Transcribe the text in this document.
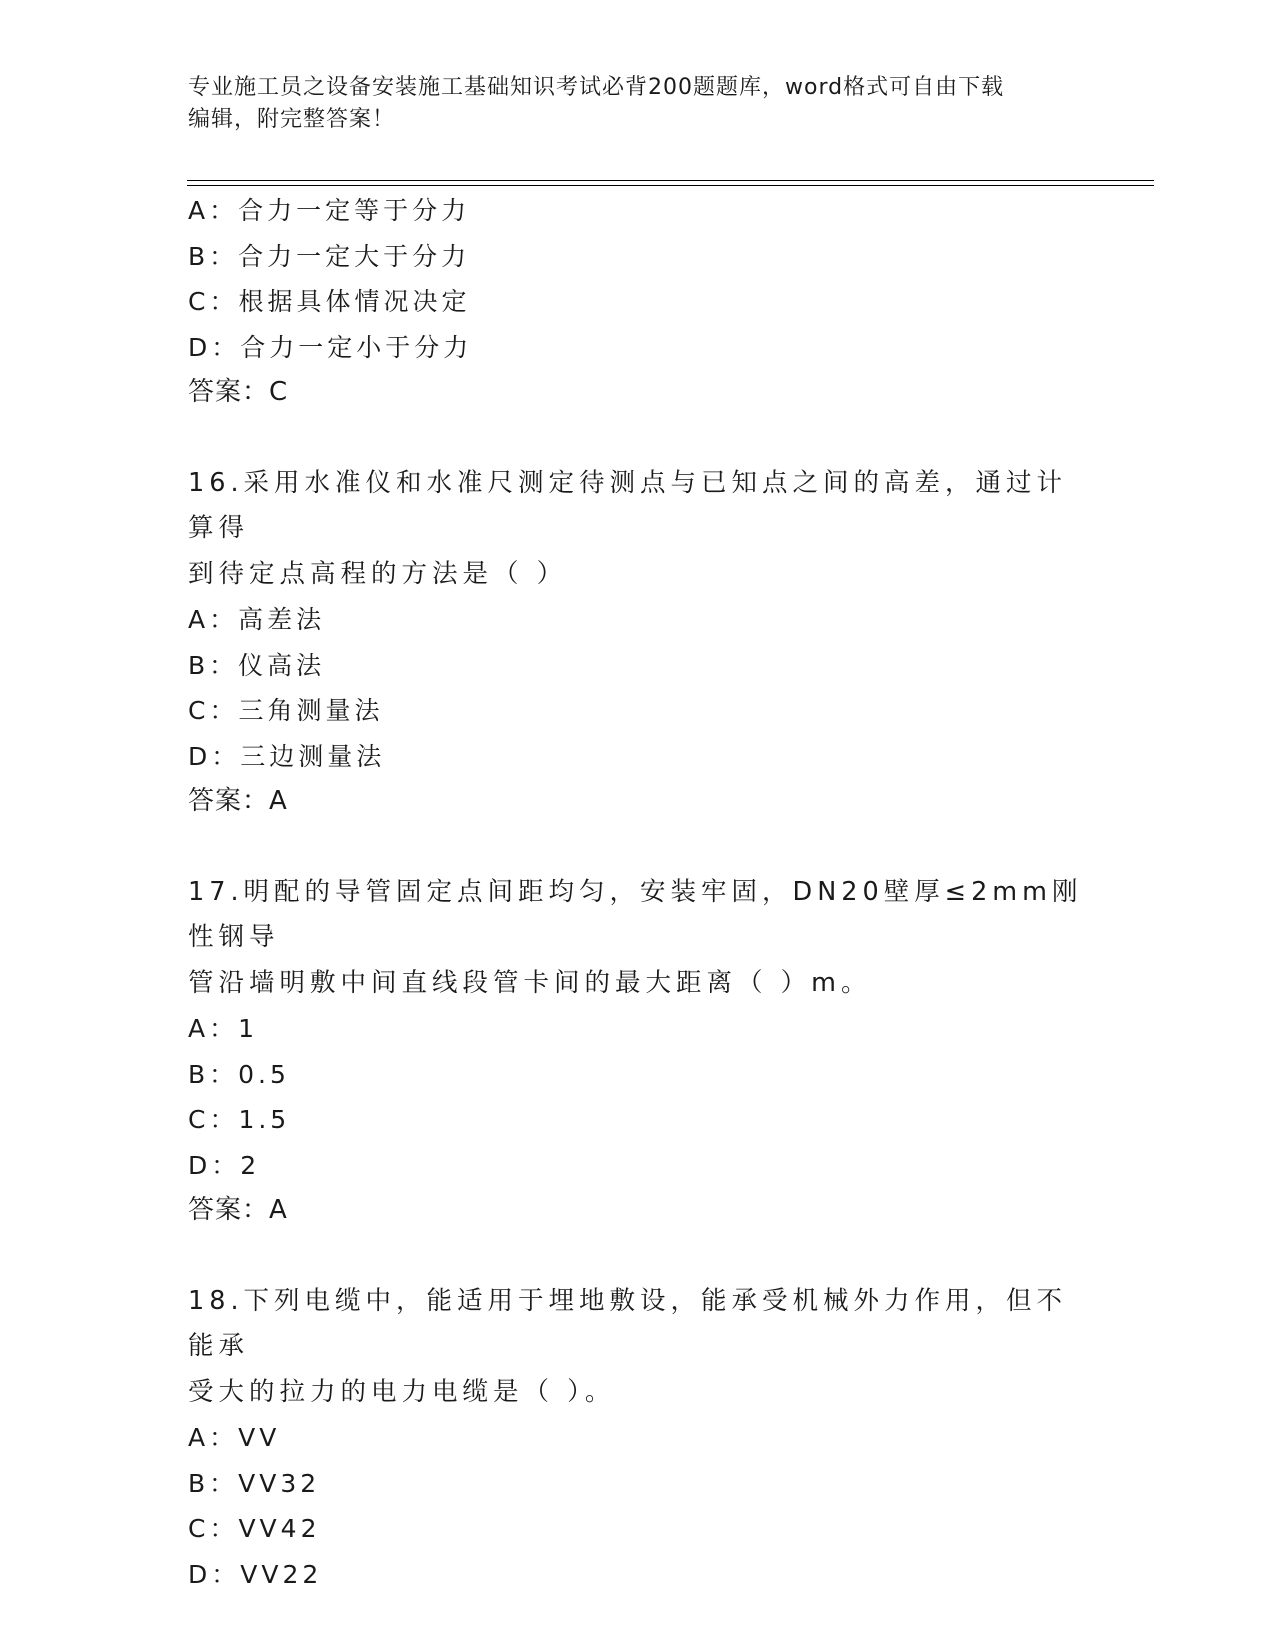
专业施工员之设备安装施工基础知识考试必背200题题库，word格式可自由下载
编辑，附完整答案！
A：合力一定等于分力
B：合力一定大于分力
C：根据具体情况决定
D：合力一定小于分力
答案：C
16.采用水准仪和水准尺测定待测点与已知点之间的高差，通过计算得
到待定点高程的方法是（ ）
A：高差法
B：仪高法
C：三角测量法
D：三边测量法
答案：A
17.明配的导管固定点间距均匀，安装牢固，DN20壁厚≤2mm刚性钢导
管沿墙明敷中间直线段管卡间的最大距离（ ）m。
A：1
B：0.5
C：1.5
D：2
答案：A
18.下列电缆中，能适用于埋地敷设，能承受机械外力作用，但不能承
受大的拉力的电力电缆是（ ）。
A：VV
B：VV32
C：VV42
D：VV22
